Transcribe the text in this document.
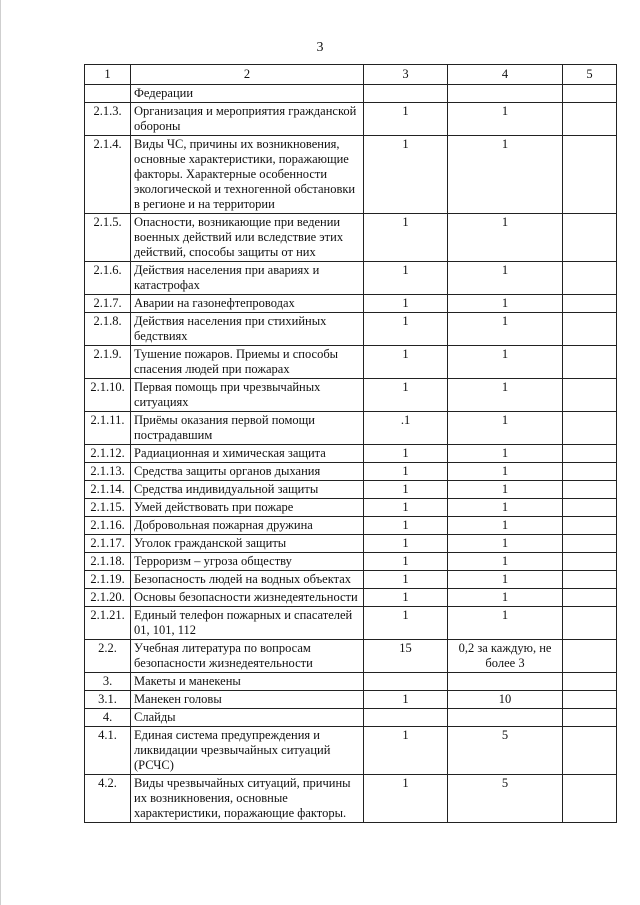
3
1	2	3	4	5
	Федерации			
2.1.3.	Организация и мероприятия гражданской обороны	1	1	
2.1.4.	Виды ЧС, причины их возникновения, основные характеристики, поражающие факторы. Характерные особенности экологической и техногенной обстановки в регионе и на территории	1	1	
2.1.5.	Опасности, возникающие при ведении военных действий или вследствие этих действий, способы защиты от них	1	1	
2.1.6.	Действия населения при авариях и катастрофах	1	1	
2.1.7.	Аварии на газонефтепроводах	1	1	
2.1.8.	Действия населения при стихийных бедствиях	1	1	
2.1.9.	Тушение пожаров. Приемы и способы спасения людей при пожарах	1	1	
2.1.10.	Первая помощь при чрезвычайных ситуациях	1	1	
2.1.11.	Приёмы оказания первой помощи пострадавшим	.1	1	
2.1.12.	Радиационная и химическая защита	1	1	
2.1.13.	Средства защиты органов дыхания	1	1	
2.1.14.	Средства индивидуальной защиты	1	1	
2.1.15.	Умей действовать при пожаре	1	1	
2.1.16.	Добровольная пожарная дружина	1	1	
2.1.17.	Уголок гражданской защиты	1	1	
2.1.18.	Терроризм – угроза обществу	1	1	
2.1.19.	Безопасность людей на водных объектах	1	1	
2.1.20.	Основы безопасности жизнедеятельности	1	1	
2.1.21.	Единый телефон пожарных и спасателей 01, 101, 112	1	1	
2.2.	Учебная литература по вопросам безопасности жизнедеятельности	15	0,2 за каждую, не более 3	
3.	Макеты и манекены			
3.1.	Манекен головы	1	10	
4.	Слайды			
4.1.	Единая система предупреждения и ликвидации чрезвычайных ситуаций (РСЧС)	1	5	
4.2.	Виды чрезвычайных ситуаций, причины их возникновения, основные характеристики, поражающие факторы.	1	5	
